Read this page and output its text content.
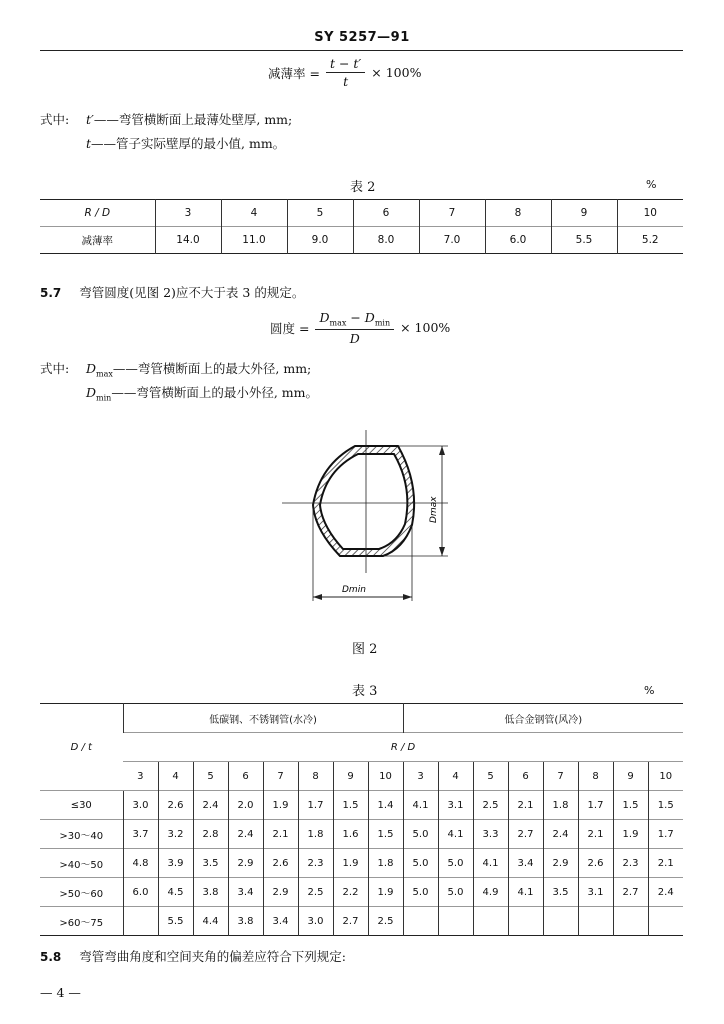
SY 5257—91
减薄率 = $\frac{t - t'}{t} \times 100\%$
式中: t′——弯管横断面上最薄处壁厚, mm;
t——管子实际壁厚的最小值, mm。
表 2	%
R / D	3	4	5	6	7	8	9	10
减薄率	14.0	11.0	9.0	8.0	7.0	6.0	5.5	5.2
5.7 弯管圆度(见图 2)应不大于表 3 的规定。
圆度 = $\frac{D_{max} - D_{min}}{D} \times 100\%$
式中: $D_{max}——$弯管横断面上的最大外径, mm;
$D_{min}——$弯管横断面上的最小外径, mm。
Dmax
Dmin
图 2
表 3	%
D / t	低碳钢、不锈钢管(水冷)								低合金钢管(风冷)							
	R / D															
	3	4	5	6	7	8	9	10	3	4	5	6	7	8	9	10
≤30	3.0	2.6	2.4	2.0	1.9	1.7	1.5	1.4	4.1	3.1	2.5	2.1	1.8	1.7	1.5	1.5
>30～40	3.7	3.2	2.8	2.4	2.1	1.8	1.6	1.5	5.0	4.1	3.3	2.7	2.4	2.1	1.9	1.7
>40～50	4.8	3.9	3.5	2.9	2.6	2.3	1.9	1.8	5.0	5.0	4.1	3.4	2.9	2.6	2.3	2.1
>50～60	6.0	4.5	3.8	3.4	2.9	2.5	2.2	1.9	5.0	5.0	4.9	4.1	3.5	3.1	2.7	2.4
>60～75		5.5	4.4	3.8	3.4	3.0	2.7	2.5								
5.8 弯管弯曲角度和空间夹角的偏差应符合下列规定:
— 4 —
